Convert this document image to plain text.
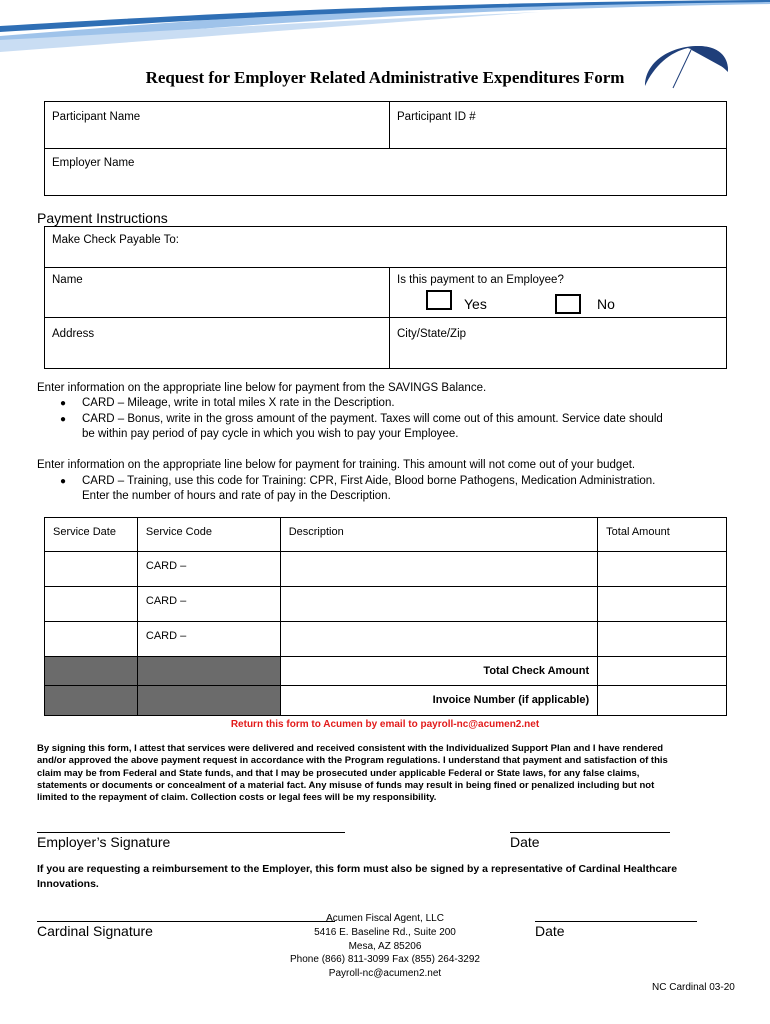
Request for Employer Related Administrative Expenditures Form
Participant Name	Participant ID #
Employer Name
Payment Instructions
Make Check Payable To:
Name	Is this payment to an Employee?
Yes	No
Address	City/State/Zip
Enter information on the appropriate line below for payment from the SAVINGS Balance.
● CARD – Mileage, write in total miles X rate in the Description.
● CARD – Bonus, write in the gross amount of the payment. Taxes will come out of this amount. Service date should
be within pay period of pay cycle in which you wish to pay your Employee.
Enter information on the appropriate line below for payment for training. This amount will not come out of your budget.
● CARD – Training, use this code for Training: CPR, First Aide, Blood borne Pathogens, Medication Administration.
Enter the number of hours and rate of pay in the Description.
Service Date	Service Code	Description	Total Amount
	CARD –		
	CARD –		
	CARD –		
		Total Check Amount	
		Invoice Number (if applicable)	
Return this form to Acumen by email to payroll-nc@acumen2.net
By signing this form, I attest that services were delivered and received consistent with the Individualized Support Plan and I have rendered
and/or approved the above payment request in accordance with the Program regulations. I understand that payment and satisfaction of this
claim may be from Federal and State funds, and that I may be prosecuted under applicable Federal or State laws, for any false claims,
statements or documents or concealment of a material fact. Any misuse of funds may result in being fined or penalized including but not
limited to the repayment of claim. Collection costs or legal fees will be my responsibility.
Employer’s Signature	Date
If you are requesting a reimbursement to the Employer, this form must also be signed by a representative of Cardinal Healthcare
Innovations.
Cardinal Signature	Date
Acumen Fiscal Agent, LLC
5416 E. Baseline Rd., Suite 200
Mesa, AZ 85206
Phone (866) 811-3099 Fax (855) 264-3292
Payroll-nc@acumen2.net
NC Cardinal 03-20
